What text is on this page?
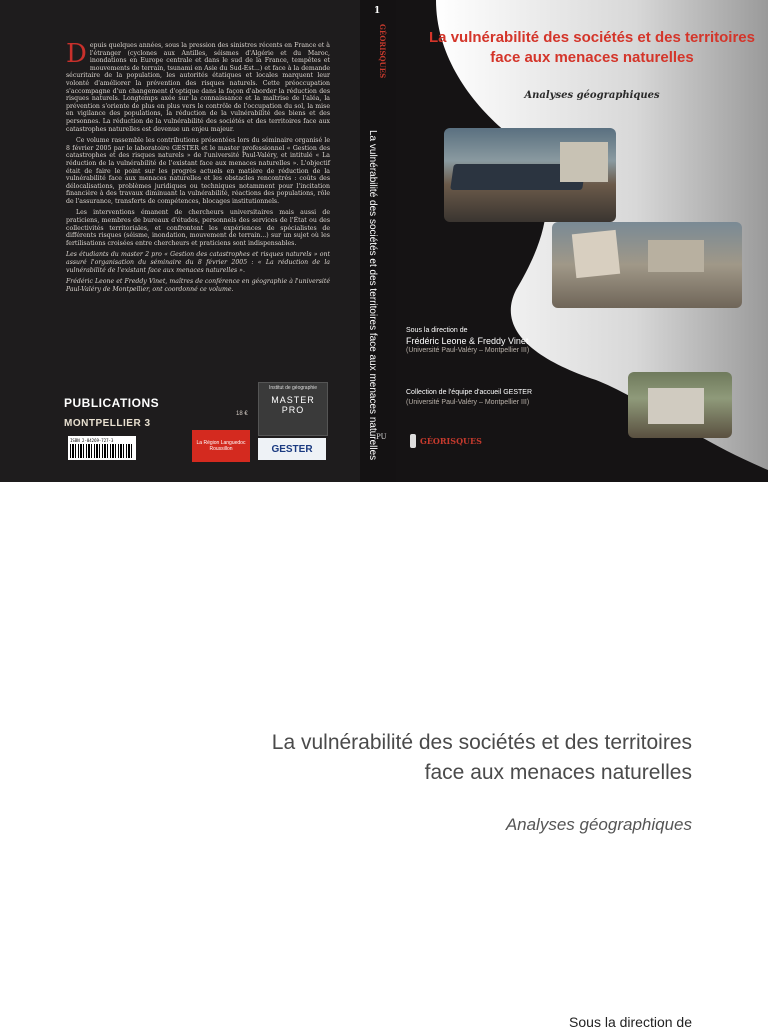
Depuis quelques années, sous la pression des sinistres récents en France et à l'étranger (cyclones aux Antilles, séismes d'Algérie et du Maroc, inondations en Europe centrale et dans le sud de la France, tempêtes et mouvements de terrain, tsunami en Asie du Sud-Est...) et face à la demande sécuritaire de la population, les autorités étatiques et locales marquent leur volonté d'améliorer la prévention des risques naturels. Cette préoccupation s'accompagne d'un changement d'optique dans la façon d'aborder la réduction des risques naturels. Longtemps axée sur la connaissance et la maîtrise de l'aléa, la prévention s'oriente de plus en plus vers le contrôle de l'occupation du sol, la mise en vigilance des populations, la réduction de la vulnérabilité des biens et des personnes. La réduction de la vulnérabilité des sociétés et des territoires face aux catastrophes naturelles est devenue un enjeu majeur.

Ce volume rassemble les contributions présentées lors du séminaire organisé le 8 février 2005 par le laboratoire GESTER et le master professionnel « Gestion des catastrophes et des risques naturels » de l'université Paul-Valéry, et intitulé « La réduction de la vulnérabilité de l'existant face aux menaces naturelles ». L'objectif était de faire le point sur les progrès actuels en matière de réduction de la vulnérabilité face aux menaces naturelles et les obstacles rencontrés : coûts des délocalisations, problèmes juridiques ou techniques notamment pour l'incitation financière à des travaux diminuant la vulnérabilité, réactions des populations, rôle de l'assurance, transferts de compétences, blocages institutionnels.

Les interventions émanent de chercheurs universitaires mais aussi de praticiens, membres de bureaux d'études, personnels des services de l'État ou des collectivités territoriales, et confrontent les expériences de spécialistes de différents risques (séisme, inondation, mouvement de terrain...) sur un sujet où les fertilisations croisées entre chercheurs et praticiens sont indispensables.

Les étudiants du master 2 pro « Gestion des catastrophes et risques naturels » ont assuré l'organisation du séminaire du 8 février 2005 : « La réduction de la vulnérabilité de l'existant face aux menaces naturelles ».

Frédéric Leone et Freddy Vinet, maîtres de conférence en géographie à l'université Paul-Valéry de Montpellier, ont coordonné ce volume.

PUBLICATIONS
MONTPELLIER 3
ISBN 2-84269-727-3
18 €
Institut de géographie
MASTER PRO
La Région Languedoc Roussillon	GESTER
1
GÉORISQUES
La vulnérabilité des sociétés et des territoires face aux menaces naturelles
PU
La vulnérabilité des sociétés et des territoires
face aux menaces naturelles
Analyses géographiques
Sous la direction de
Frédéric Leone & Freddy Vinet
(Université Paul-Valéry – Montpellier III)
Collection de l'équipe d'accueil GESTER
(Université Paul-Valéry – Montpellier III)
GÉORISQUES
La vulnérabilité des sociétés et des territoires
face aux menaces naturelles
Analyses géographiques
Sous la direction de
